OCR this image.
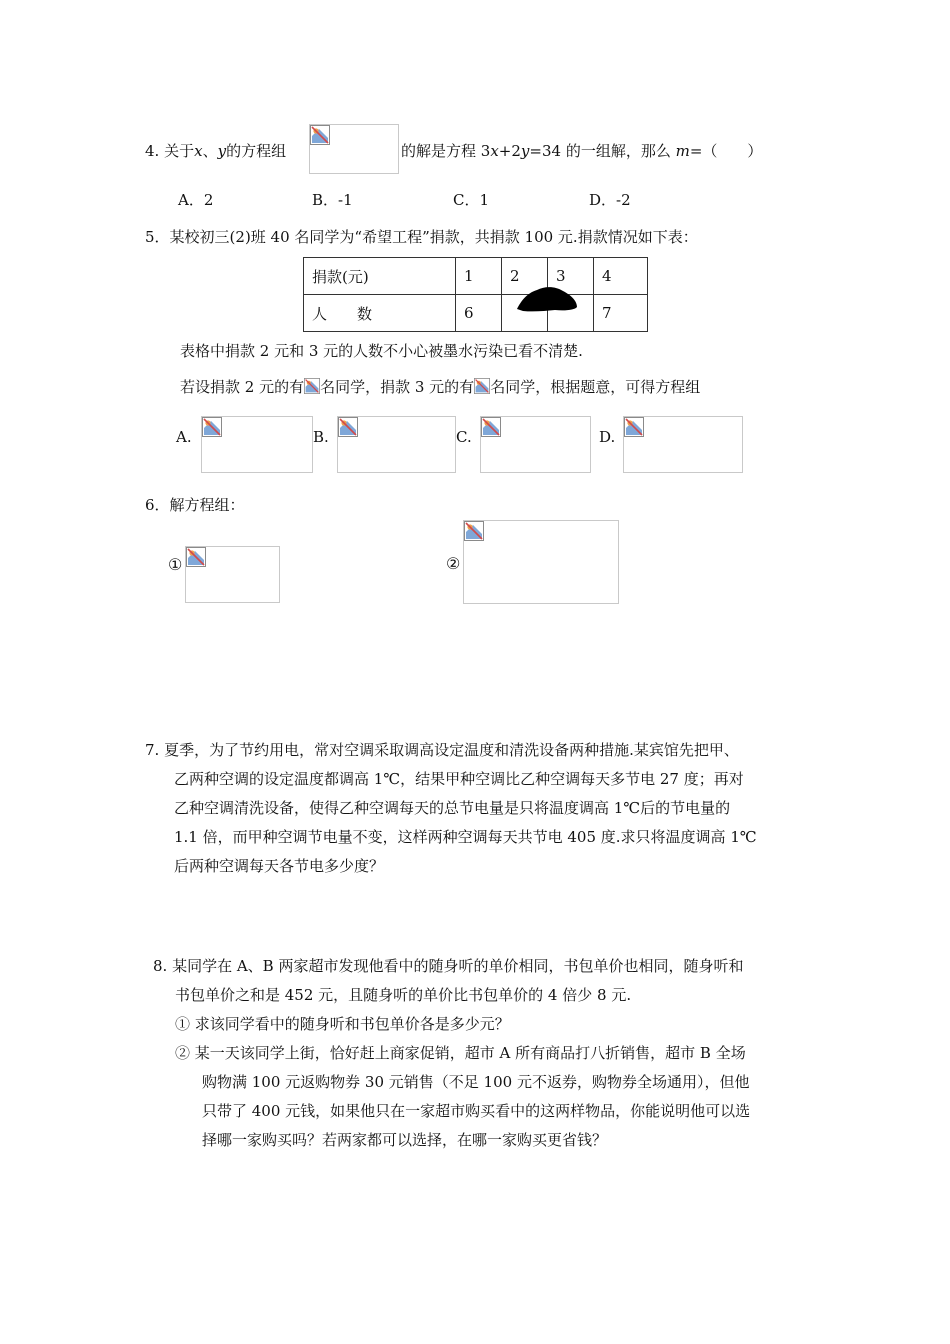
4. 关于x、y的方程组	的解是方程 3x+2y=34 的一组解，那么 m=（　　）
A．2	B．-1	C．1	D．-2
5．某校初三(2)班 40 名同学为“希望工程”捐款，共捐款 100 元.捐款情况如下表：
捐款(元)	1	2	3	4
人　　数	6			7
表格中捐款 2 元和 3 元的人数不小心被墨水污染已看不清楚.
若设捐款 2 元的有 名同学，捐款 3 元的有 名同学，根据题意，可得方程组
A.	B.	C.	D.
6．解方程组：
①	②
7. 夏季，为了节约用电，常对空调采取调高设定温度和清洗设备两种措施.某宾馆先把甲、
乙两种空调的设定温度都调高 1℃，结果甲种空调比乙种空调每天多节电 27 度；再对
乙种空调清洗设备，使得乙种空调每天的总节电量是只将温度调高 1℃后的节电量的
1.1 倍，而甲种空调节电量不变，这样两种空调每天共节电 405 度.求只将温度调高 1℃
后两种空调每天各节电多少度？
8. 某同学在 A、B 两家超市发现他看中的随身听的单价相同，书包单价也相同，随身听和
书包单价之和是 452 元，且随身听的单价比书包单价的 4 倍少 8 元.
① 求该同学看中的随身听和书包单价各是多少元？
② 某一天该同学上街，恰好赶上商家促销，超市 A 所有商品打八折销售，超市 B 全场
购物满 100 元返购物券 30 元销售（不足 100 元不返券，购物券全场通用），但他
只带了 400 元钱，如果他只在一家超市购买看中的这两样物品，你能说明他可以选
择哪一家购买吗？若两家都可以选择，在哪一家购买更省钱？
